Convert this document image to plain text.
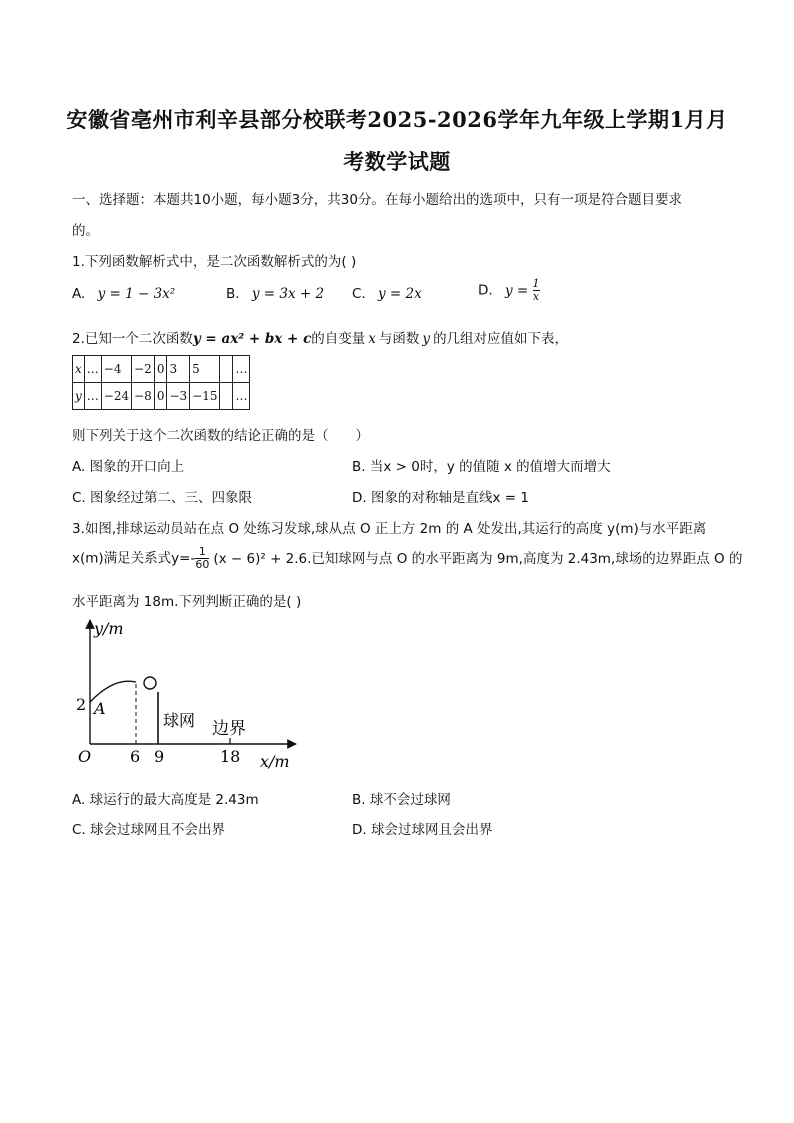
安徽省亳州市利辛县部分校联考2025-2026学年九年级上学期1月月
考数学试题
一、选择题：本题共10小题，每小题3分，共30分。在每小题给出的选项中，只有一项是符合题目要求
的。
1.下列函数解析式中，是二次函数解析式的为( )
A. y = 1 − 3x²	B. y = 3x + 2 C. y = 2x	D. $y = \frac{1}{x}$
2.已知一个二次函数y = ax² + bx + c的自变量 x 与函数 y 的几组对应值如下表，
x	…	−4	−2	0	3	5		…
y	…	−24	−8	0	−3	−15		…
则下列关于这个二次函数的结论正确的是（　　）
A. 图象的开口向上	B. 当x > 0时，y 的值随 x 的值增大而增大
C. 图象经过第二、三、四象限	D. 图象的对称轴是直线x = 1
3.如图,排球运动员站在点 O 处练习发球,球从点 O 正上方 2m 的 A 处发出,其运行的高度 y(m)与水平距离
x(m)满足关系式$y=- \frac{1}{60} (x - 6)^2 + 2.6$.已知球网与点 O 的水平距离为 9m,高度为 2.43m,球场的边界距点 O 的
水平距离为 18m.下列判断正确的是( )
y/m
x/m
O
2 A
6 9	18
球网 边界
A. 球运行的最大高度是 2.43m	B. 球不会过球网
C. 球会过球网且不会出界	D. 球会过球网且会出界
